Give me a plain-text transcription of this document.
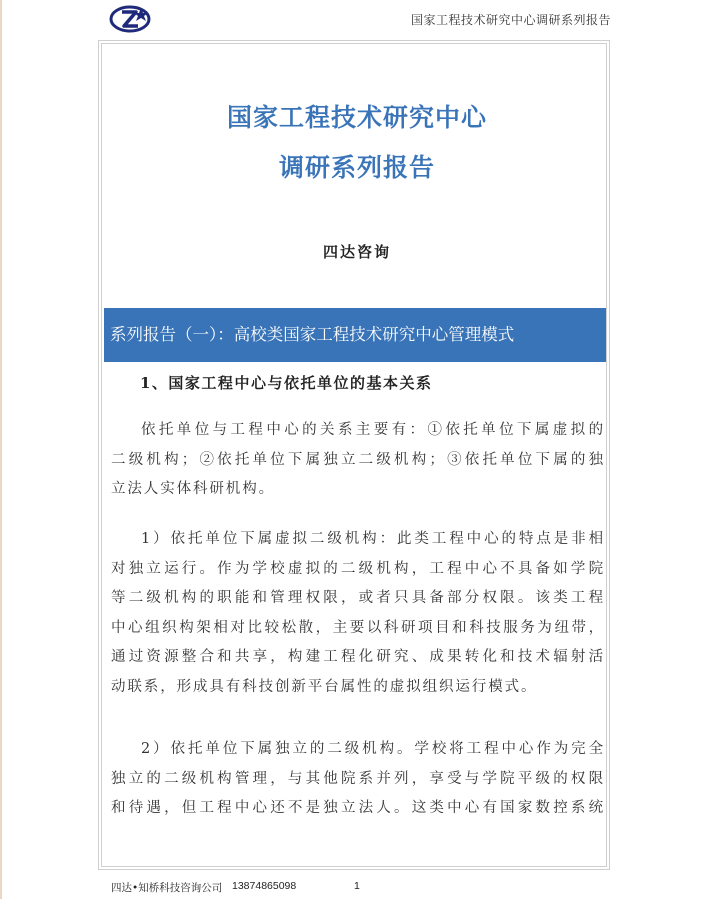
国家工程技术研究中心调研系列报告
国家工程技术研究中心
调研系列报告
四达咨询
系列报告（一）：高校类国家工程技术研究中心管理模式
1、国家工程中心与依托单位的基本关系

依托单位与工程中心的关系主要有：①依托单位下属虚拟的
二级机构；②依托单位下属独立二级机构；③依托单位下属的独
立法人实体科研机构。

1）依托单位下属虚拟二级机构：此类工程中心的特点是非相
对独立运行。作为学校虚拟的二级机构，工程中心不具备如学院
等二级机构的职能和管理权限，或者只具备部分权限。该类工程
中心组织构架相对比较松散，主要以科研项目和科技服务为纽带，
通过资源整合和共享，构建工程化研究、成果转化和技术辐射活
动联系，形成具有科技创新平台属性的虚拟组织运行模式。

2）依托单位下属独立的二级机构。学校将工程中心作为完全
独立的二级机构管理，与其他院系并列，享受与学院平级的权限
和待遇，但工程中心还不是独立法人。这类中心有国家数控系统

四达•知桥科技咨询公司 13874865098	1
